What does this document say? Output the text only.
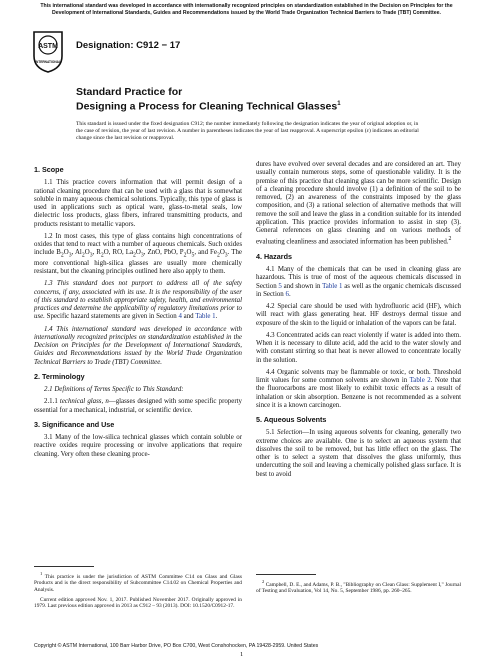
This international standard was developed in accordance with internationally recognized principles on standardization established in the Decision on Principles for the Development of International Standards, Guides and Recommendations issued by the World Trade Organization Technical Barriers to Trade (TBT) Committee.
ASTM
INTERNATIONAL
Designation: C912 − 17
Standard Practice for
Designing a Process for Cleaning Technical Glasses$^1$
This standard is issued under the fixed designation C912; the number immediately following the designation indicates the year of original adoption or, in the case of revision, the year of last revision. A number in parentheses indicates the year of last reapproval. A superscript epsilon (ε) indicates an editorial change since the last revision or reapproval.
1. Scope

1.1 This practice covers information that will permit design of a rational cleaning procedure that can be used with a glass that is somewhat soluble in many aqueous chemical solutions. Typically, this type of glass is used in applications such as optical ware, glass-to-metal seals, low dielectric loss products, glass fibers, infrared transmitting products, and products resistant to metallic vapors.

1.2 In most cases, this type of glass contains high concentrations of oxides that tend to react with a number of aqueous chemicals. Such oxides include $B_2O_3$, $Al_2O_3$, $R_2O$, RO, $La_2O_3$, ZnO, PbO, $P_2O_5$, and $Fe_2O_3$. The more conventional high-silica glasses are usually more chemically resistant, but the cleaning principles outlined here also apply to them.

1.3 This standard does not purport to address all of the safety concerns, if any, associated with its use. It is the responsibility of the user of this standard to establish appropriate safety, health, and environmental practices and determine the applicability of regulatory limitations prior to use. Specific hazard statements are given in Section 4 and Table 1.

1.4 This international standard was developed in accordance with internationally recognized principles on standardization established in the Decision on Principles for the Development of International Standards, Guides and Recommendations issued by the World Trade Organization Technical Barriers to Trade (TBT) Committee.

2. Terminology

2.1 Definitions of Terms Specific to This Standard:

2.1.1 technical glass, n—glasses designed with some specific property essential for a mechanical, industrial, or scientific device.

3. Significance and Use

3.1 Many of the low-silica technical glasses which contain soluble or reactive oxides require processing or involve applications that require cleaning. Very often these cleaning proce-

dures have evolved over several decades and are considered an art. They usually contain numerous steps, some of questionable validity. It is the premise of this practice that cleaning glass can be more scientific. Design of a cleaning procedure should involve (1) a definition of the soil to be removed, (2) an awareness of the constraints imposed by the glass composition, and (3) a rational selection of alternative methods that will remove the soil and leave the glass in a condition suitable for its intended application. This practice provides information to assist in step (3). General references on glass cleaning and on various methods of evaluating cleanliness and associated information has been published.$^2$

4. Hazards

4.1 Many of the chemicals that can be used in cleaning glass are hazardous. This is true of most of the aqueous chemicals discussed in Section 5 and shown in Table 1 as well as the organic chemicals discussed in Section 6.

4.2 Special care should be used with hydrofluoric acid (HF), which will react with glass generating heat. HF destroys dermal tissue and exposure of the skin to the liquid or inhalation of the vapors can be fatal.

4.3 Concentrated acids can react violently if water is added into them. When it is necessary to dilute acid, add the acid to the water slowly and with constant stirring so that heat is never allowed to concentrate locally in the solution.

4.4 Organic solvents may be flammable or toxic, or both. Threshold limit values for some common solvents are shown in Table 2. Note that the fluorocarbons are most likely to exhibit toxic effects as a result of inhalation or skin absorption. Benzene is not recommended as a solvent since it is a known carcinogen.

5. Aqueous Solvents

5.1 Selection—In using aqueous solvents for cleaning, generally two extreme choices are available. One is to select an aqueous system that dissolves the soil to be removed, but has little effect on the glass. The other is to select a system that dissolves the glass uniformly, thus undercutting the soil and leaving a chemically polished glass surface. It is best to avoid

$^1$ This practice is under the jurisdiction of ASTM Committee C14 on Glass and Glass Products and is the direct responsibility of Subcommittee C14.02 on Chemical Properties and Analysis.

Current edition approved Nov. 1, 2017. Published November 2017. Originally approved in 1979. Last previous edition approved in 2013 as C912 – 93 (2013). DOI: 10.1520/C0912-17.

$^2$ Campbell, D. E., and Adams, P. B., "Bibliography on Clean Glass: Supplement I," Journal of Testing and Evaluation, Vol 14, No. 5, September 1986, pp. 260–265.

Copyright © ASTM International, 100 Barr Harbor Drive, PO Box C700, West Conshohocken, PA 19428-2959. United States
1
